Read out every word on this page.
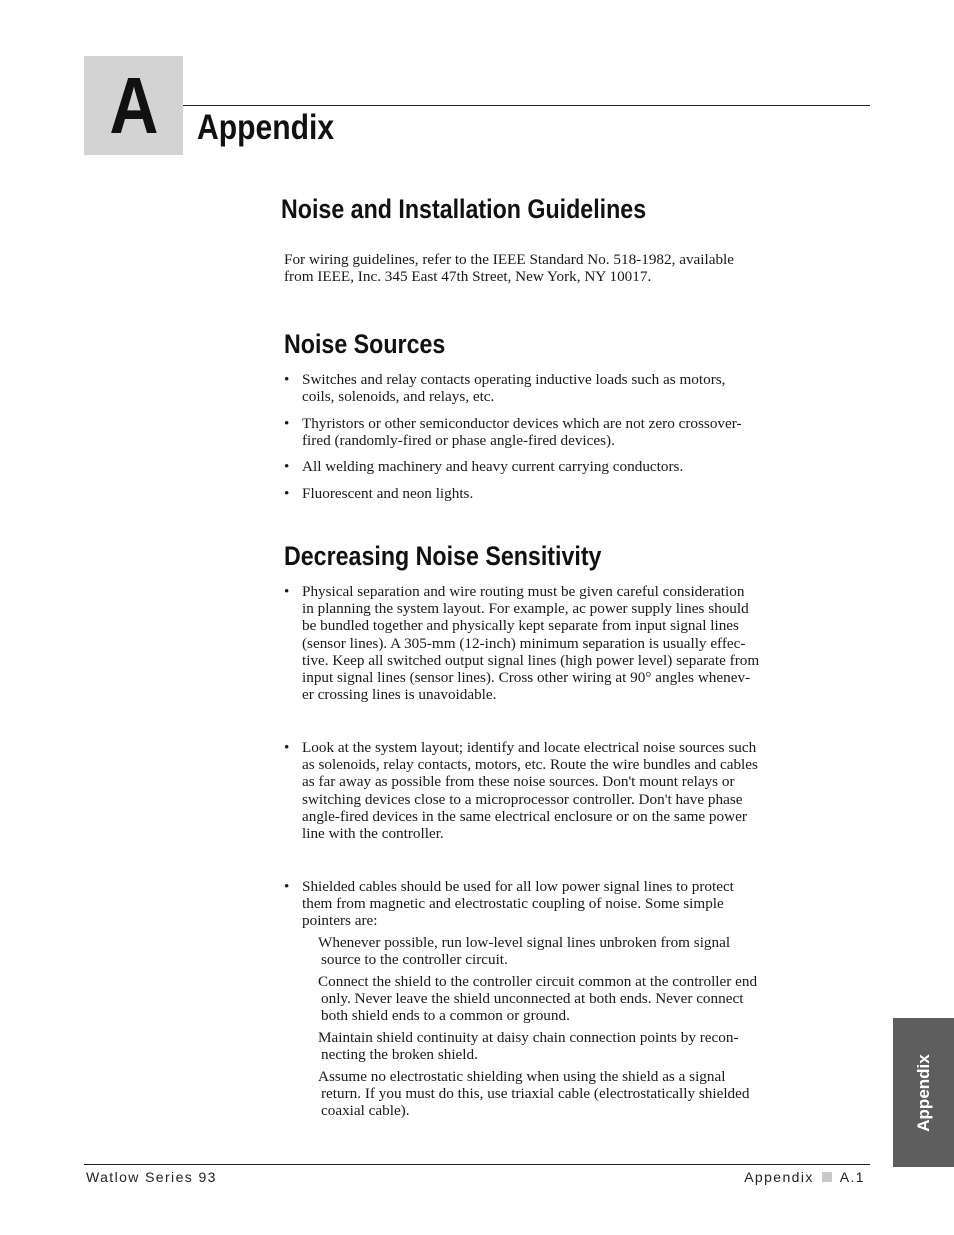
A Appendix
Noise and Installation Guidelines

For wiring guidelines, refer to the IEEE Standard No. 518-1982, available
from IEEE, Inc. 345 East 47th Street, New York, NY 10017.

Noise Sources
• Switches and relay contacts operating inductive loads such as motors,
coils, solenoids, and relays, etc.
• Thyristors or other semiconductor devices which are not zero crossover-
fired (randomly-fired or phase angle-fired devices).
• All welding machinery and heavy current carrying conductors.
• Fluorescent and neon lights.
Decreasing Noise Sensitivity
• Physical separation and wire routing must be given careful consideration
in planning the system layout. For example, ac power supply lines should
be bundled together and physically kept separate from input signal lines
(sensor lines). A 305-mm (12-inch) minimum separation is usually effec-
tive. Keep all switched output signal lines (high power level) separate from
input signal lines (sensor lines). Cross other wiring at 90° angles whenev-
er crossing lines is unavoidable.
• Look at the system layout; identify and locate electrical noise sources such
as solenoids, relay contacts, motors, etc. Route the wire bundles and cables
as far away as possible from these noise sources. Don't mount relays or
switching devices close to a microprocessor controller. Don't have phase
angle-fired devices in the same electrical enclosure or on the same power
line with the controller.
• Shielded cables should be used for all low power signal lines to protect
them from magnetic and electrostatic coupling of noise. Some simple
pointers are:
Whenever possible, run low-level signal lines unbroken from signal
source to the controller circuit.
Connect the shield to the controller circuit common at the controller end
only. Never leave the shield unconnected at both ends. Never connect
both shield ends to a common or ground.
Maintain shield continuity at daisy chain connection points by recon-
necting the broken shield.
Assume no electrostatic shielding when using the shield as a signal
return. If you must do this, use triaxial cable (electrostatically shielded
coaxial cable).	Appendix
Watlow Series 93	Appendix A.1
